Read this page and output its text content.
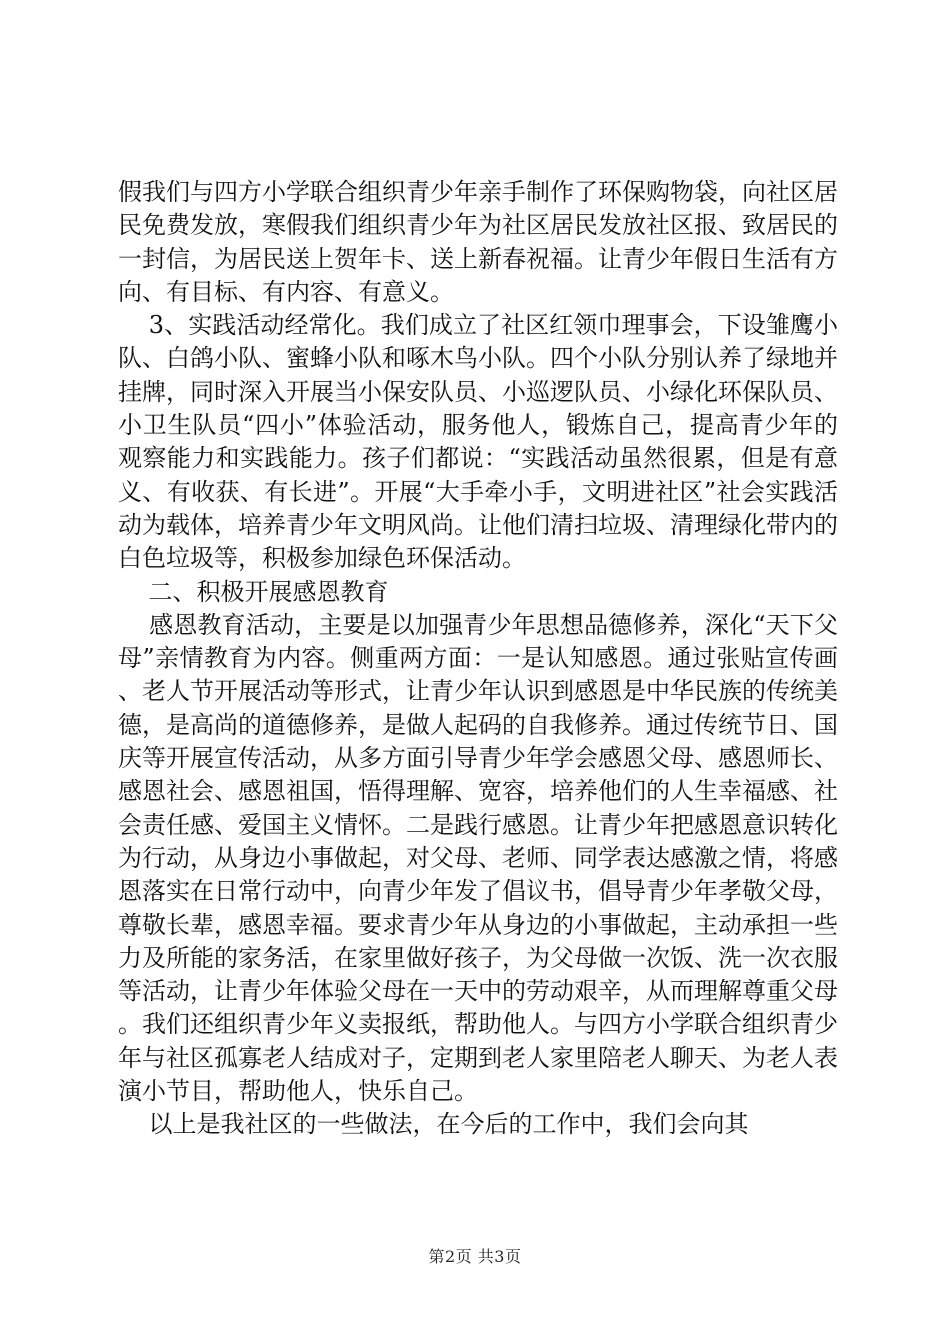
假我们与四方小学联合组织青少年亲手制作了环保购物袋，向社区居民免费发放，寒假我们组织青少年为社区居民发放社区报、致居民的一封信，为居民送上贺年卡、送上新春祝福。让青少年假日生活有方向、有目标、有内容、有意义。

3、实践活动经常化。我们成立了社区红领巾理事会，下设雏鹰小队、白鸽小队、蜜蜂小队和啄木鸟小队。四个小队分别认养了绿地并挂牌，同时深入开展当小保安队员、小巡逻队员、小绿化环保队员、小卫生队员“四小”体验活动，服务他人，锻炼自己，提高青少年的观察能力和实践能力。孩子们都说：“实践活动虽然很累，但是有意义、有收获、有长进”。开展“大手牵小手，文明进社区”社会实践活动为载体，培养青少年文明风尚。让他们清扫垃圾、清理绿化带内的白色垃圾等，积极参加绿色环保活动。

二、积极开展感恩教育

感恩教育活动，主要是以加强青少年思想品德修养，深化“天下父母”亲情教育为内容。侧重两方面：一是认知感恩。通过张贴宣传画、老人节开展活动等形式，让青少年认识到感恩是中华民族的传统美德，是高尚的道德修养，是做人起码的自我修养。通过传统节日、国庆等开展宣传活动，从多方面引导青少年学会感恩父母、感恩师长、感恩社会、感恩祖国，悟得理解、宽容，培养他们的人生幸福感、社会责任感、爱国主义情怀。二是践行感恩。让青少年把感恩意识转化为行动，从身边小事做起，对父母、老师、同学表达感激之情，将感恩落实在日常行动中，向青少年发了倡议书，倡导青少年孝敬父母，尊敬长辈，感恩幸福。要求青少年从身边的小事做起，主动承担一些力及所能的家务活，在家里做好孩子，为父母做一次饭、洗一次衣服等活动，让青少年体验父母在一天中的劳动艰辛，从而理解尊重父母。我们还组织青少年义卖报纸，帮助他人。与四方小学联合组织青少年与社区孤寡老人结成对子，定期到老人家里陪老人聊天、为老人表演小节目，帮助他人，快乐自己。

以上是我社区的一些做法，在今后的工作中，我们会向其

第2页 共3页
